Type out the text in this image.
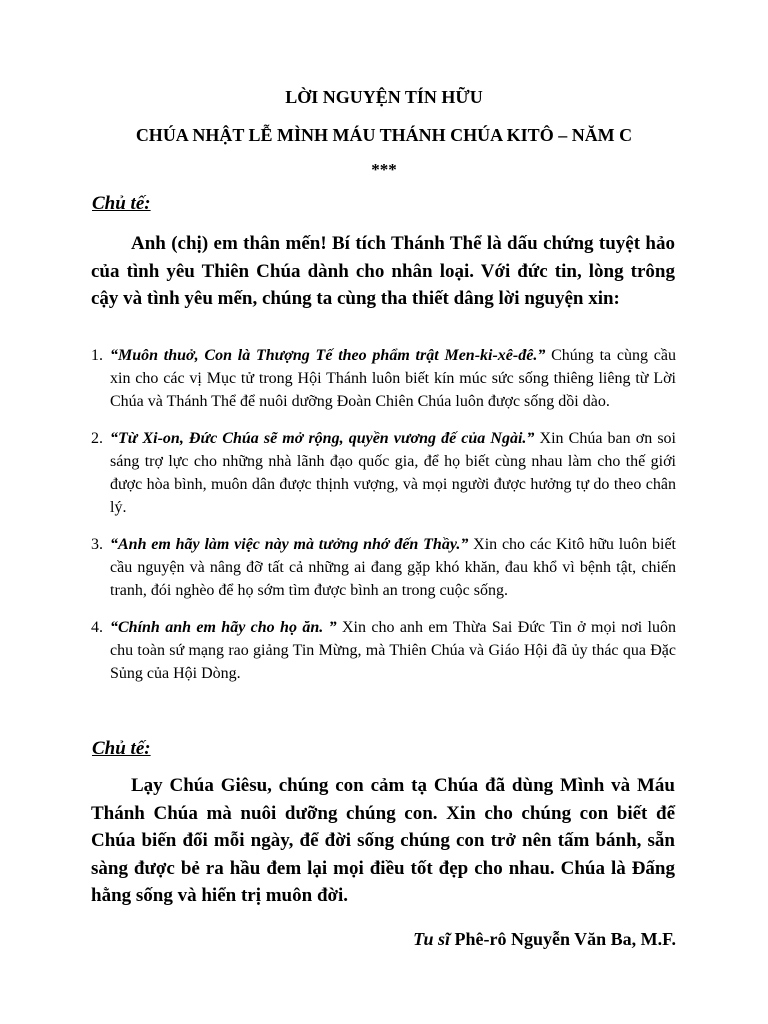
LỜI NGUYỆN TÍN HỮU
CHÚA NHẬT LỄ MÌNH MÁU THÁNH CHÚA KITÔ – NĂM C
***
Chủ tế:

Anh (chị) em thân mến! Bí tích Thánh Thể là dấu chứng tuyệt hảo của tình yêu Thiên Chúa dành cho nhân loại. Với đức tin, lòng trông cậy và tình yêu mến, chúng ta cùng tha thiết dâng lời nguyện xin:

1. “Muôn thuở, Con là Thượng Tế theo phẩm trật Men-ki-xê-đê.” Chúng ta cùng cầu xin cho các vị Mục tử trong Hội Thánh luôn biết kín múc sức sống thiêng liêng từ Lời Chúa và Thánh Thể để nuôi dưỡng Đoàn Chiên Chúa luôn được sống dồi dào.
2. “Từ Xi-on, Đức Chúa sẽ mở rộng, quyền vương đế của Ngài.” Xin Chúa ban ơn soi sáng trợ lực cho những nhà lãnh đạo quốc gia, để họ biết cùng nhau làm cho thế giới được hòa bình, muôn dân được thịnh vượng, và mọi người được hưởng tự do theo chân lý.
3. “Anh em hãy làm việc này mà tưởng nhớ đến Thầy.” Xin cho các Kitô hữu luôn biết cầu nguyện và nâng đỡ tất cả những ai đang gặp khó khăn, đau khổ vì bệnh tật, chiến tranh, đói nghèo để họ sớm tìm được bình an trong cuộc sống.
4. “Chính anh em hãy cho họ ăn. ” Xin cho anh em Thừa Sai Đức Tin ở mọi nơi luôn chu toàn sứ mạng rao giảng Tin Mừng, mà Thiên Chúa và Giáo Hội đã ủy thác qua Đặc Sủng của Hội Dòng.
Chủ tế:

Lạy Chúa Giêsu, chúng con cảm tạ Chúa đã dùng Mình và Máu Thánh Chúa mà nuôi dưỡng chúng con. Xin cho chúng con biết để Chúa biến đổi mỗi ngày, để đời sống chúng con trở nên tấm bánh, sẵn sàng được bẻ ra hầu đem lại mọi điều tốt đẹp cho nhau. Chúa là Đấng hằng sống và hiển trị muôn đời.

Tu sĩ Phê-rô Nguyễn Văn Ba, M.F.
